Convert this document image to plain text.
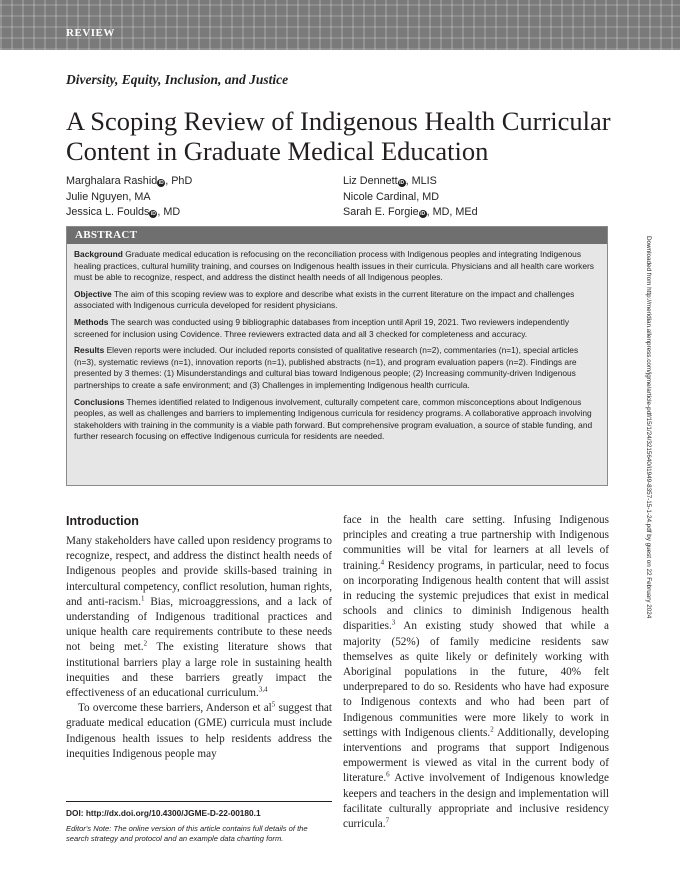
REVIEW
Diversity, Equity, Inclusion, and Justice
A Scoping Review of Indigenous Health Curricular Content in Graduate Medical Education
Marghalara Rashid iD , PhD
Julie Nguyen, MA
Jessica L. Foulds iD , MD
Liz Dennett iD , MLIS
Nicole Cardinal, MD
Sarah E. Forgie iD , MD, MEd
ABSTRACT

Background Graduate medical education is refocusing on the reconciliation process with Indigenous peoples and integrating Indigenous healing practices, cultural humility training, and courses on Indigenous health issues in their curricula. Physicians and all health care workers must be able to recognize, respect, and address the distinct health needs of all Indigenous peoples.

Objective The aim of this scoping review was to explore and describe what exists in the current literature on the impact and challenges associated with Indigenous curricula developed for resident physicians.

Methods The search was conducted using 9 bibliographic databases from inception until April 19, 2021. Two reviewers independently screened for inclusion using Covidence. Three reviewers extracted data and all 3 checked for completeness and accuracy.

Results Eleven reports were included. Our included reports consisted of qualitative research (n=2), commentaries (n=1), special articles (n=3), systematic reviews (n=1), innovation reports (n=1), published abstracts (n=1), and program evaluation papers (n=2). Findings are presented by 3 themes: (1) Misunderstandings and cultural bias toward Indigenous people; (2) Increasing community-driven Indigenous partnerships to create a safe environment; and (3) Challenges in implementing Indigenous health curricula.

Conclusions Themes identified related to Indigenous involvement, culturally competent care, common misconceptions about Indigenous peoples, as well as challenges and barriers to implementing Indigenous curricula for residency programs. A collaborative approach involving stakeholders with training in the community is a viable path forward. But comprehensive program evaluation, a source of stable funding, and further research focusing on effective Indigenous curricula for residents are needed.

Introduction

Many stakeholders have called upon residency programs to recognize, respect, and address the distinct health needs of Indigenous peoples and provide skills-based training in intercultural competency, conflict resolution, human rights, and anti-racism.$^1$ Bias, microaggressions, and a lack of understanding of Indigenous traditional practices and unique health care requirements contribute to these needs not being met.$^2$ The existing literature shows that institutional barriers play a large role in sustaining health inequities and these barriers greatly impact the effectiveness of an educational curriculum.$^{3,4}$

To overcome these barriers, Anderson et $al^5$ suggest that graduate medical education (GME) curricula must include Indigenous health issues to help residents address the inequities Indigenous people may

face in the health care setting. Infusing Indigenous principles and creating a true partnership with Indigenous communities will be vital for learners at all levels of training.$^4$ Residency programs, in particular, need to focus on incorporating Indigenous health content that will assist in reducing the systemic prejudices that exist in medical schools and clinics to diminish Indigenous health disparities.$^3$ An existing study showed that while a majority (52%) of family medicine residents saw themselves as quite likely or definitely working with Aboriginal populations in the future, 40% felt underprepared to do so. Residents who have had exposure to Indigenous contexts and who had been part of Indigenous communities were more likely to work in settings with Indigenous clients.$^2$ Additionally, developing interventions and programs that support Indigenous empowerment is viewed as vital in the current body of literature.$^6$ Active involvement of Indigenous knowledge keepers and teachers in the design and implementation will facilitate culturally appropriate and inclusive residency curricula.$^7$

DOI: http://dx.doi.org/10.4300/JGME-D-22-00180.1
Editor's Note: The online version of this article contains full details of the search strategy and protocol and an example data charting form.
Downloaded from http://meridian.allenpress.com/jgme/article-pdf/15/1/24/3215640/i1949-8357-15-1-24.pdf by guest on 22 February 2024
